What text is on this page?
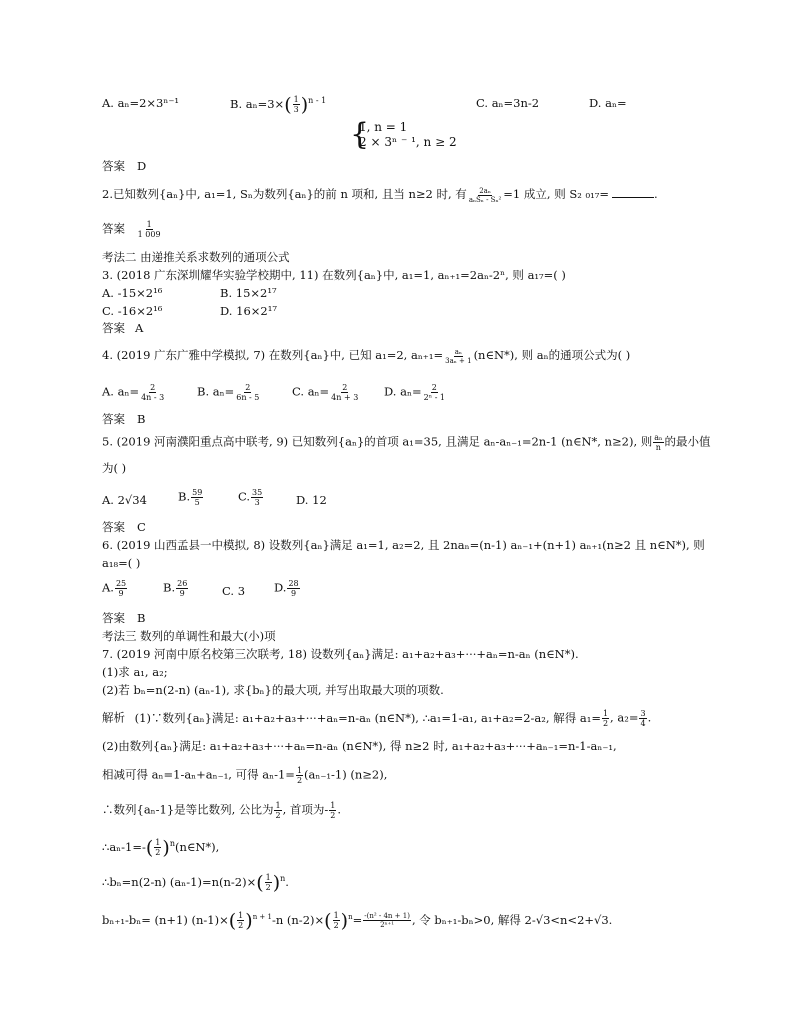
A. aₙ=2×3ⁿ⁻¹	B. $a_n=3\times( \frac{1}{3} )^{n - 1}$	C. aₙ=3n-2	D. aₙ=
{
1, n = 1
2 × 3ⁿ ⁻ ¹, n ≥ 2
答案 D
2.已知数列{aₙ}中, a₁=1, Sₙ为数列{aₙ}的前 n 项和, 且当 n≥2 时, 有 $\frac{\text{2aₙ}}{\text{aₙSₙ - Sₙ²}} =1$ 成立, 则 S₂ ₀₁₇=	.
答案 $\frac{1}{1 009}$
考法二 由递推关系求数列的通项公式
3. (2018 广东深圳耀华实验学校期中, 11) 在数列{aₙ}中, a₁=1, aₙ₊₁=2aₙ-2ⁿ, 则 a₁₇=( )
A. -15×2¹⁶	B. 15×2¹⁷
C. -16×2¹⁶	D. 16×2¹⁷
答案 A
4. (2019 广东广雅中学模拟, 7) 在数列{aₙ}中, 已知 a₁=2, $a_{n+1}= \frac{\text{aₙ}}{\text{3aₙ + 1}}$ (n∈N*), 则 aₙ的通项公式为( )
A. $a_n= \frac{2}{4n - 3}$	B. $a_n= \frac{2}{6n - 5}$	C. $a_n= \frac{2}{4n + 3} D$. $a_n= \frac{2}{\text{2ⁿ - 1}}$
答案 B
5. (2019 河南濮阳重点高中联考, 9) 已知数列{aₙ}的首项 a₁=35, 且满足 aₙ-aₙ₋₁=2n-1 (n∈N*, n≥2), 则 $\frac{\text{aₙ}}{n}$ 的最小值
为( )
A. 2√34	B. $\frac{59}{5}$	C. $\frac{35}{3}$	D. 12
答案 C
6. (2019 山西孟县一中模拟, 8) 设数列{aₙ}满足 a₁=1, a₂=2, 且 2naₙ=(n-1) aₙ₋₁+(n+1) aₙ₊₁(n≥2 且 n∈N*), 则
a₁₈=( )
A. $\frac{25}{9}$	B. $\frac{26}{9}$	C. 3	D. $\frac{28}{9}$
答案 B
考法三 数列的单调性和最大(小)项
7. (2019 河南中原名校第三次联考, 18) 设数列{aₙ}满足: a₁+a₂+a₃+···+aₙ=n-aₙ (n∈N*).
(1)求 a₁, a₂;
(2)若 bₙ=n(2-n) (aₙ-1), 求{bₙ}的最大项, 并写出取最大项的项数.
解析 (1)∵数列{aₙ}满足: a₁+a₂+a₃+···+aₙ=n-aₙ (n∈N*), ∴a₁=1-a₁, a₁+a₂=2-a₂, 解得 $a_1= \frac{1}{2}$ , $a_2= \frac{3}{4}$ .
(2)由数列{aₙ}满足: a₁+a₂+a₃+···+aₙ=n-aₙ (n∈N*), 得 n≥2 时, a₁+a₂+a₃+···+aₙ₋₁=n-1-aₙ₋₁,
相减可得 aₙ=1-aₙ+aₙ₋₁, 可得 $a_n-1= \frac{1}{2} (a_{n-1}-1)$ (n≥2),
∴数列{aₙ-1}是等比数列, 公比为 $\frac{1}{2}$ , 首项为- $\frac{1}{2}$ .
∴aₙ-1=-( $\frac{1}{2}$ )$^n$(n∈N*),
∴bₙ=n(2-n) $(a_n-1)=n(n-2)\times( \frac{1}{2} )^n$.
bₙ₊₁-bₙ= (n+1) $(n-1)\times( \frac{1}{2} )^{n + 1}-n$ $(n-2)\times( \frac{1}{2} )^n= \frac{\text{-(n² - 4n + 1)}}{\text{2ⁿ⁺¹}}$ , 令 bₙ₊₁-bₙ>0, 解得 2-√3<n<2+√3.
